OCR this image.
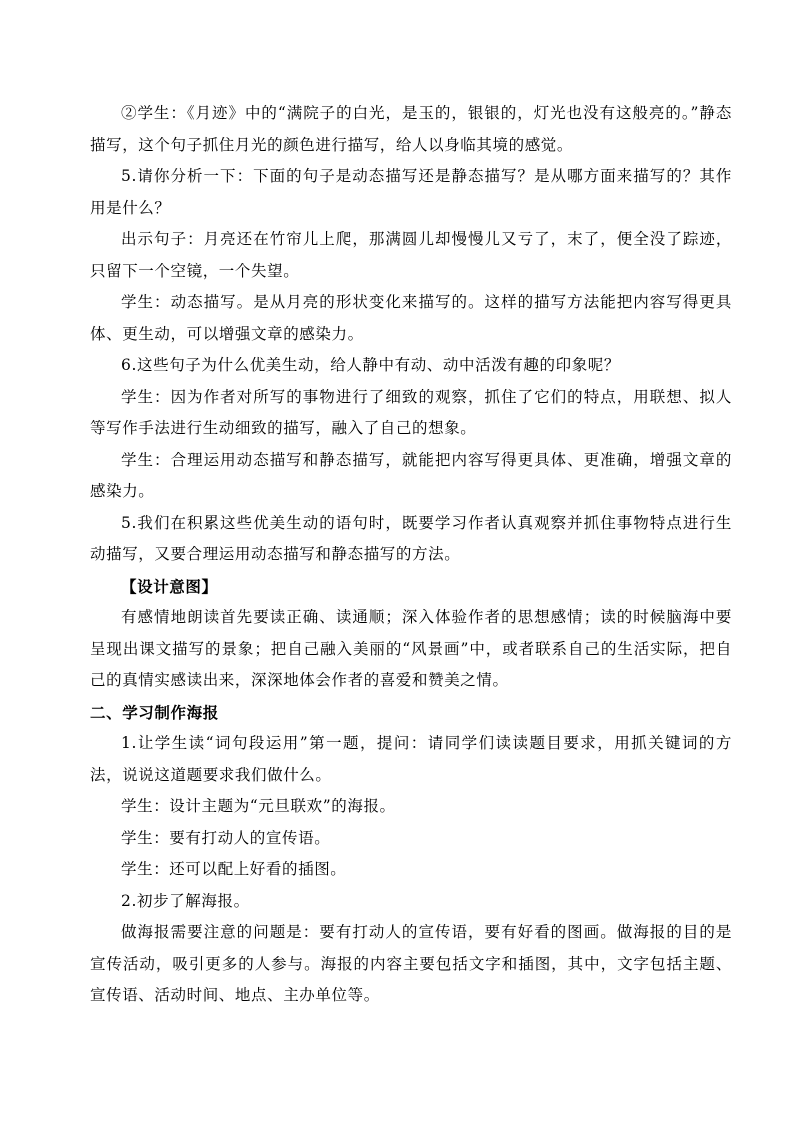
②学生：《月迹》中的“满院子的白光，是玉的，银银的，灯光也没有这般亮的。”静态描写，这个句子抓住月光的颜色进行描写，给人以身临其境的感觉。

5.请你分析一下：下面的句子是动态描写还是静态描写？是从哪方面来描写的？其作用是什么？

出示句子：月亮还在竹帘儿上爬，那满圆儿却慢慢儿又亏了，末了，便全没了踪迹，只留下一个空镜，一个失望。

学生：动态描写。是从月亮的形状变化来描写的。这样的描写方法能把内容写得更具体、更生动，可以增强文章的感染力。

6.这些句子为什么优美生动，给人静中有动、动中活泼有趣的印象呢？

学生：因为作者对所写的事物进行了细致的观察，抓住了它们的特点，用联想、拟人等写作手法进行生动细致的描写，融入了自己的想象。

学生：合理运用动态描写和静态描写，就能把内容写得更具体、更准确，增强文章的感染力。

5.我们在积累这些优美生动的语句时，既要学习作者认真观察并抓住事物特点进行生动描写，又要合理运用动态描写和静态描写的方法。

【设计意图】

有感情地朗读首先要读正确、读通顺；深入体验作者的思想感情；读的时候脑海中要呈现出课文描写的景象；把自己融入美丽的“风景画”中，或者联系自己的生活实际，把自己的真情实感读出来，深深地体会作者的喜爱和赞美之情。

二、学习制作海报

1.让学生读“词句段运用”第一题，提问：请同学们读读题目要求，用抓关键词的方法，说说这道题要求我们做什么。

学生：设计主题为“元旦联欢”的海报。

学生：要有打动人的宣传语。

学生：还可以配上好看的插图。

2.初步了解海报。

做海报需要注意的问题是：要有打动人的宣传语，要有好看的图画。做海报的目的是宣传活动，吸引更多的人参与。海报的内容主要包括文字和插图，其中，文字包括主题、宣传语、活动时间、地点、主办单位等。
